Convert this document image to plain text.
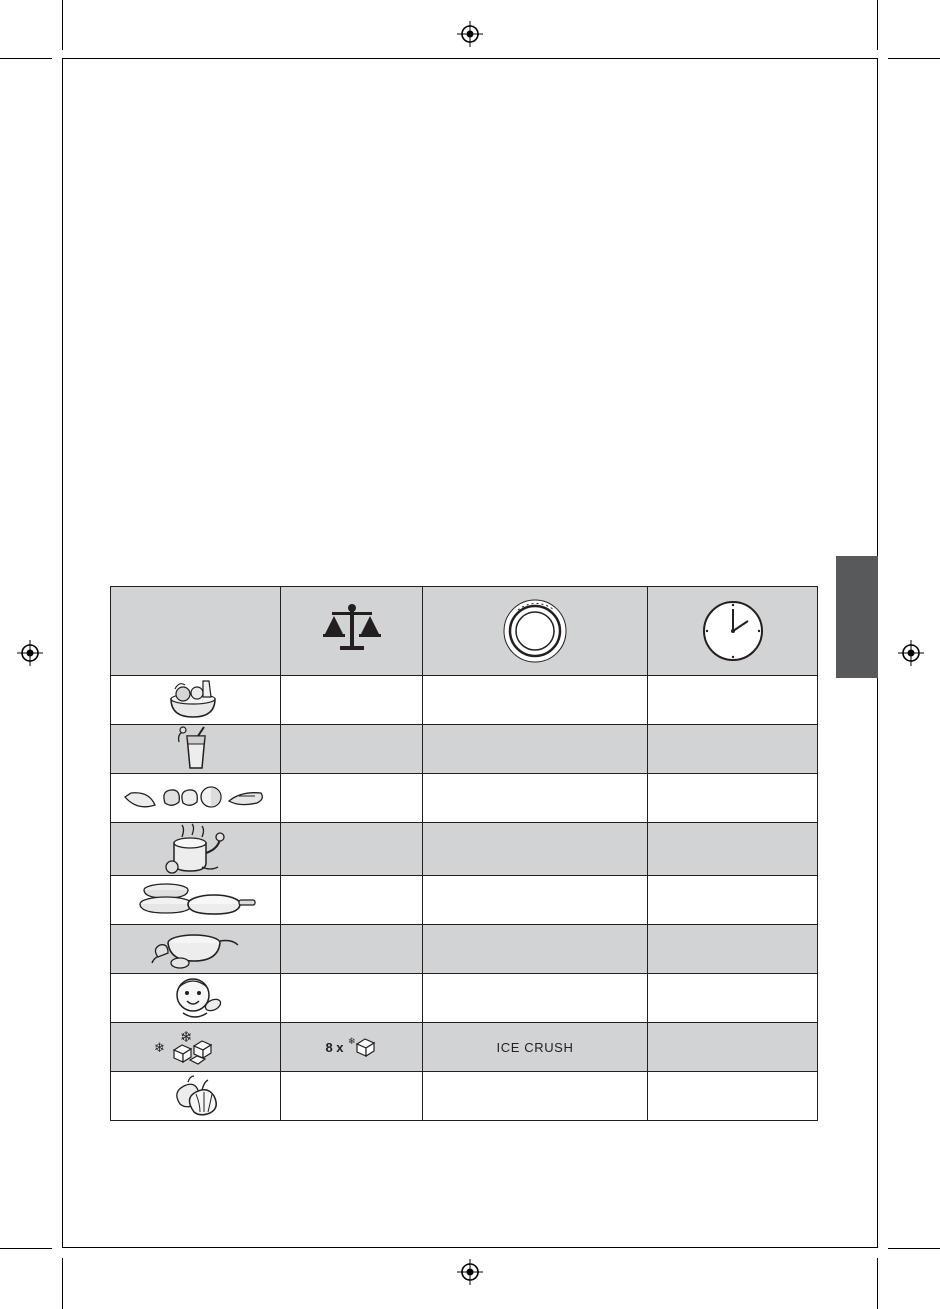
❄
❄	8 x ❄	ICE CRUSH	
